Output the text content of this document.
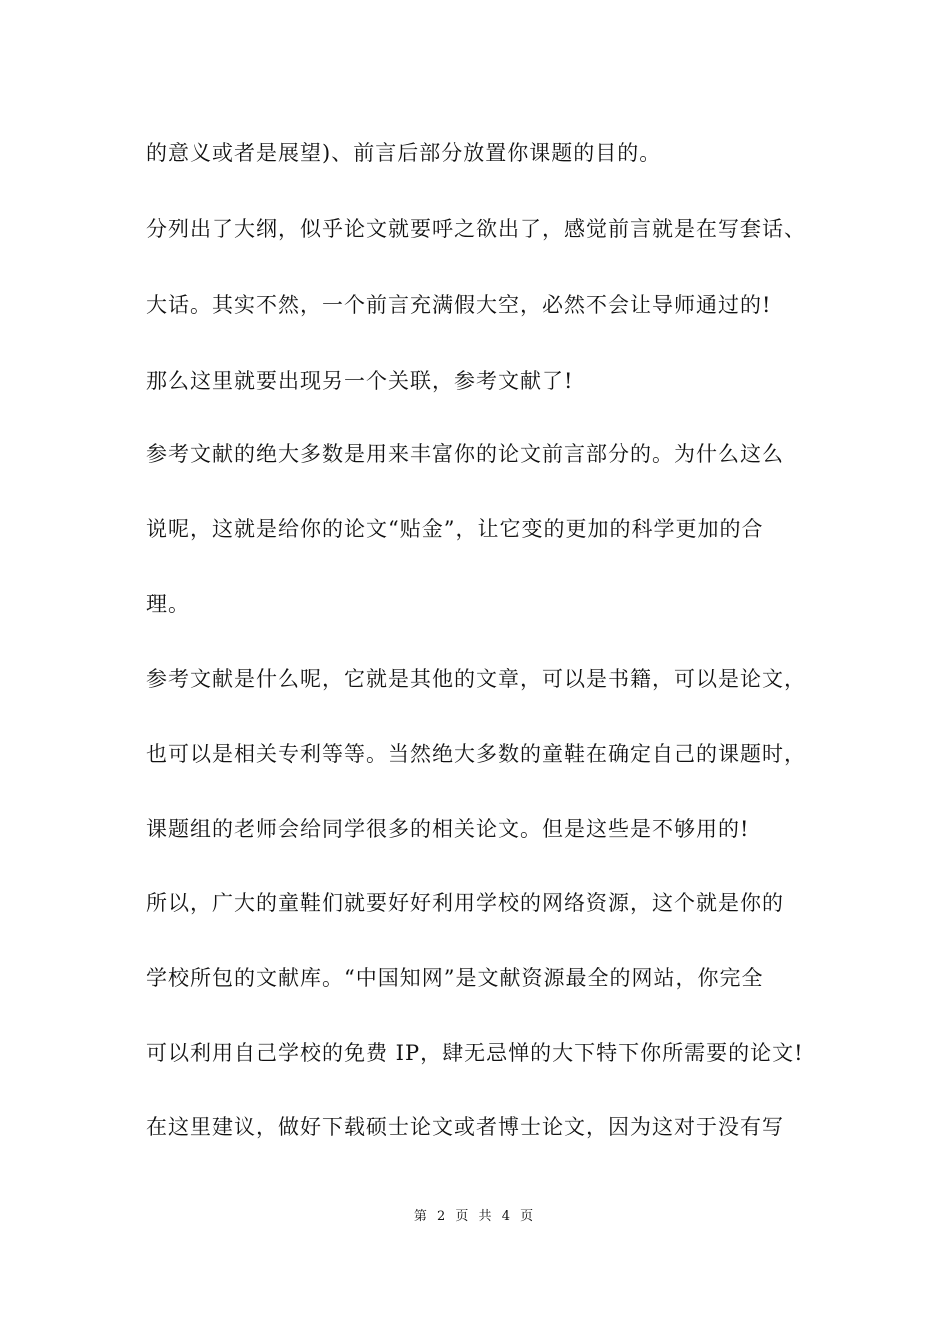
的意义或者是展望)、前言后部分放置你课题的目的。
分列出了大纲，似乎论文就要呼之欲出了，感觉前言就是在写套话、
大话。其实不然，一个前言充满假大空，必然不会让导师通过的!
那么这里就要出现另一个关联，参考文献了!
参考文献的绝大多数是用来丰富你的论文前言部分的。为什么这么
说呢，这就是给你的论文“贴金”，让它变的更加的科学更加的合
理。
参考文献是什么呢，它就是其他的文章，可以是书籍，可以是论文，
也可以是相关专利等等。当然绝大多数的童鞋在确定自己的课题时，
课题组的老师会给同学很多的相关论文。但是这些是不够用的!
所以，广大的童鞋们就要好好利用学校的网络资源，这个就是你的
学校所包的文献库。“中国知网”是文献资源最全的网站，你完全
可以利用自己学校的免费 IP，肆无忌惮的大下特下你所需要的论文!
在这里建议，做好下载硕士论文或者博士论文，因为这对于没有写
第 2 页 共 4 页
